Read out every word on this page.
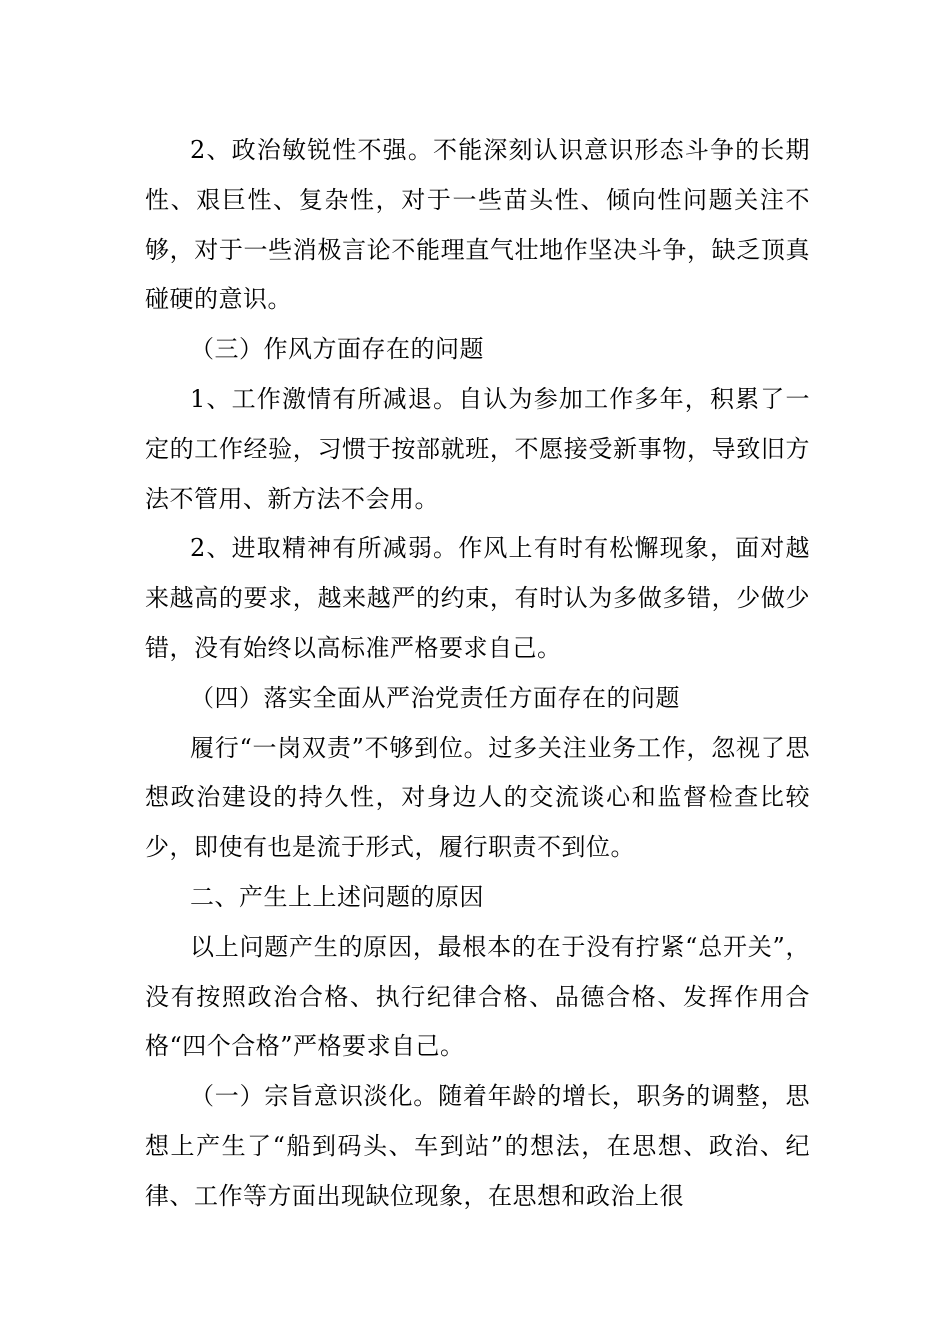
2、政治敏锐性不强。不能深刻认识意识形态斗争的长期性、艰巨性、复杂性，对于一些苗头性、倾向性问题关注不够，对于一些消极言论不能理直气壮地作坚决斗争，缺乏顶真碰硬的意识。

（三）作风方面存在的问题

1、工作激情有所减退。自认为参加工作多年，积累了一定的工作经验，习惯于按部就班，不愿接受新事物，导致旧方法不管用、新方法不会用。

2、进取精神有所减弱。作风上有时有松懈现象，面对越来越高的要求，越来越严的约束，有时认为多做多错，少做少错，没有始终以高标准严格要求自己。

（四）落实全面从严治党责任方面存在的问题

履行“一岗双责”不够到位。过多关注业务工作，忽视了思想政治建设的持久性，对身边人的交流谈心和监督检查比较少，即使有也是流于形式，履行职责不到位。

二、产生上上述问题的原因

以上问题产生的原因，最根本的在于没有拧紧“总开关”，没有按照政治合格、执行纪律合格、品德合格、发挥作用合格“四个合格”严格要求自己。

（一）宗旨意识淡化。随着年龄的增长，职务的调整，思想上产生了“船到码头、车到站”的想法，在思想、政治、纪律、工作等方面出现缺位现象，在思想和政治上很
